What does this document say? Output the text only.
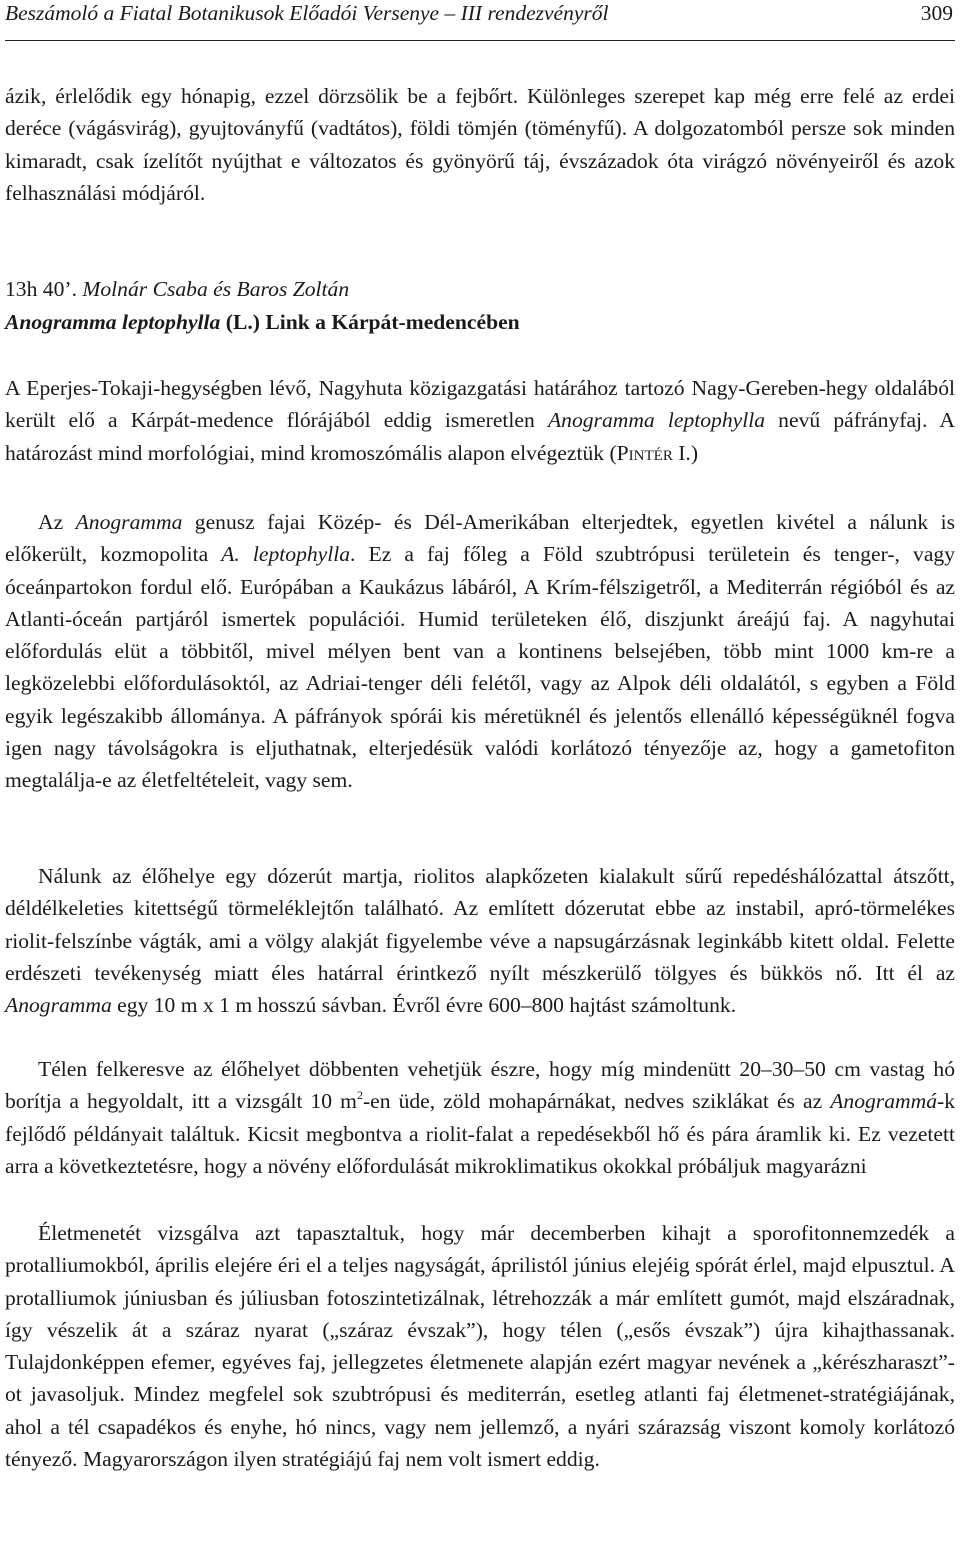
Beszámoló a Fiatal Botanikusok Előadói Versenye – III rendezvényről	309

ázik, érlelődik egy hónapig, ezzel dörzsölik be a fejbőrt. Különleges szerepet kap még erre felé az erdei derécе (vágásvirág), gyujtoványfű (vadtátos), földi tömjén (töményfű). A dolgozatomból persze sok minden kimaradt, csak ízelítőt nyújthat e változatos és gyönyörű táj, évszázadok óta virágzó növényeiről és azok felhasználási módjáról.

13h 40’. Molnár Csaba és Baros Zoltán

Anogramma leptophylla (L.) Link a Kárpát-medencében

A Eperjes-Tokaji-hegységben lévő, Nagyhuta közigazgatási határához tartozó Nagy-Gereben-hegy oldalából került elő a Kárpát-medence flórájából eddig ismeretlen Anogramma leptophylla nevű páfrányfaj. A határozást mind morfológiai, mind kromoszómális alapon elvégeztük (Pintér I.)

Az Anogramma genusz fajai Közép- és Dél-Amerikában elterjedtek, egyetlen kivétel a nálunk is előkerült, kozmopolita A. leptophylla. Ez a faj főleg a Föld szubtrópusi területein és tenger-, vagy óceánpartokon fordul elő. Európában a Kaukázus lábáról, A Krím-félszigetről, a Mediterrán régióból és az Atlanti-óceán partjáról ismertek populációi. Humid területeken élő, diszjunkt áreájú faj. A nagyhutai előfordulás elüt a többitől, mivel mélyen bent van a kontinens belsejében, több mint 1000 km-re a legközelebbi előfordulásoktól, az Adriai-tenger déli felétől, vagy az Alpok déli oldalától, s egyben a Föld egyik legészakibb állománya. A páfrányok spórái kis méretüknél és jelentős ellenálló képességüknél fogva igen nagy távolságokra is eljuthatnak, elterjedésük valódi korlátozó tényezője az, hogy a gametofiton megtalálja-e az életfeltételeit, vagy sem.

Nálunk az élőhelye egy dózerút martja, riolitos alapkőzeten kialakult sűrű repedéshálózattal átszőtt, déldélkeleties kitettségű törmeléklejtőn található. Az említett dózerutat ebbe az instabil, apró-törmelékes riolit-felszínbe vágták, ami a völgy alakját figyelembe véve a napsugárzásnak leginkább kitett oldal. Felette erdészeti tevékenység miatt éles határral érintkező nyílt mészkerülő tölgyes és bükkös nő. Itt él az Anogramma egy 10 m x 1 m hosszú sávban. Évről évre 600–800 hajtást számoltunk.

Télen felkeresve az élőhelyet döbbenten vehetjük észre, hogy míg mindenütt 20–30–50 cm vastag hó borítja a hegyoldalt, itt a vizsgált 10 $m^2-en$ üde, zöld mohapárnákat, nedves sziklákat és az Anogrammá-k fejlődő példányait találtuk. Kicsit megbontva a riolit-falat a repedésekből hő és pára áramlik ki. Ez vezetett arra a következtetésre, hogy a növény előfordulását mikroklimatikus okokkal próbáljuk magyarázni

Életmenetét vizsgálva azt tapasztaltuk, hogy már decemberben kihajt a sporofitonnemzedék a protalliumokból, április elejére éri el a teljes nagyságát, áprilistól június elejéig spórát érlel, majd elpusztul. A protalliumok júniusban és júliusban fotoszintetizálnak, létrehozzák a már említett gumót, majd elszáradnak, így vészelik át a száraz nyarat („száraz évszak”), hogy télen („esős évszak”) újra kihajthassanak. Tulajdonképpen efemer, egyéves faj, jellegzetes életmenete alapján ezért magyar nevének a „kérészharaszt”-ot javasoljuk. Mindez megfelel sok szubtrópusi és mediterrán, esetleg atlanti faj életmenet-stratégiájának, ahol a tél csapadékos és enyhe, hó nincs, vagy nem jellemző, a nyári szárazság viszont komoly korlátozó tényező. Magyarországon ilyen stratégiájú faj nem volt ismert eddig.
